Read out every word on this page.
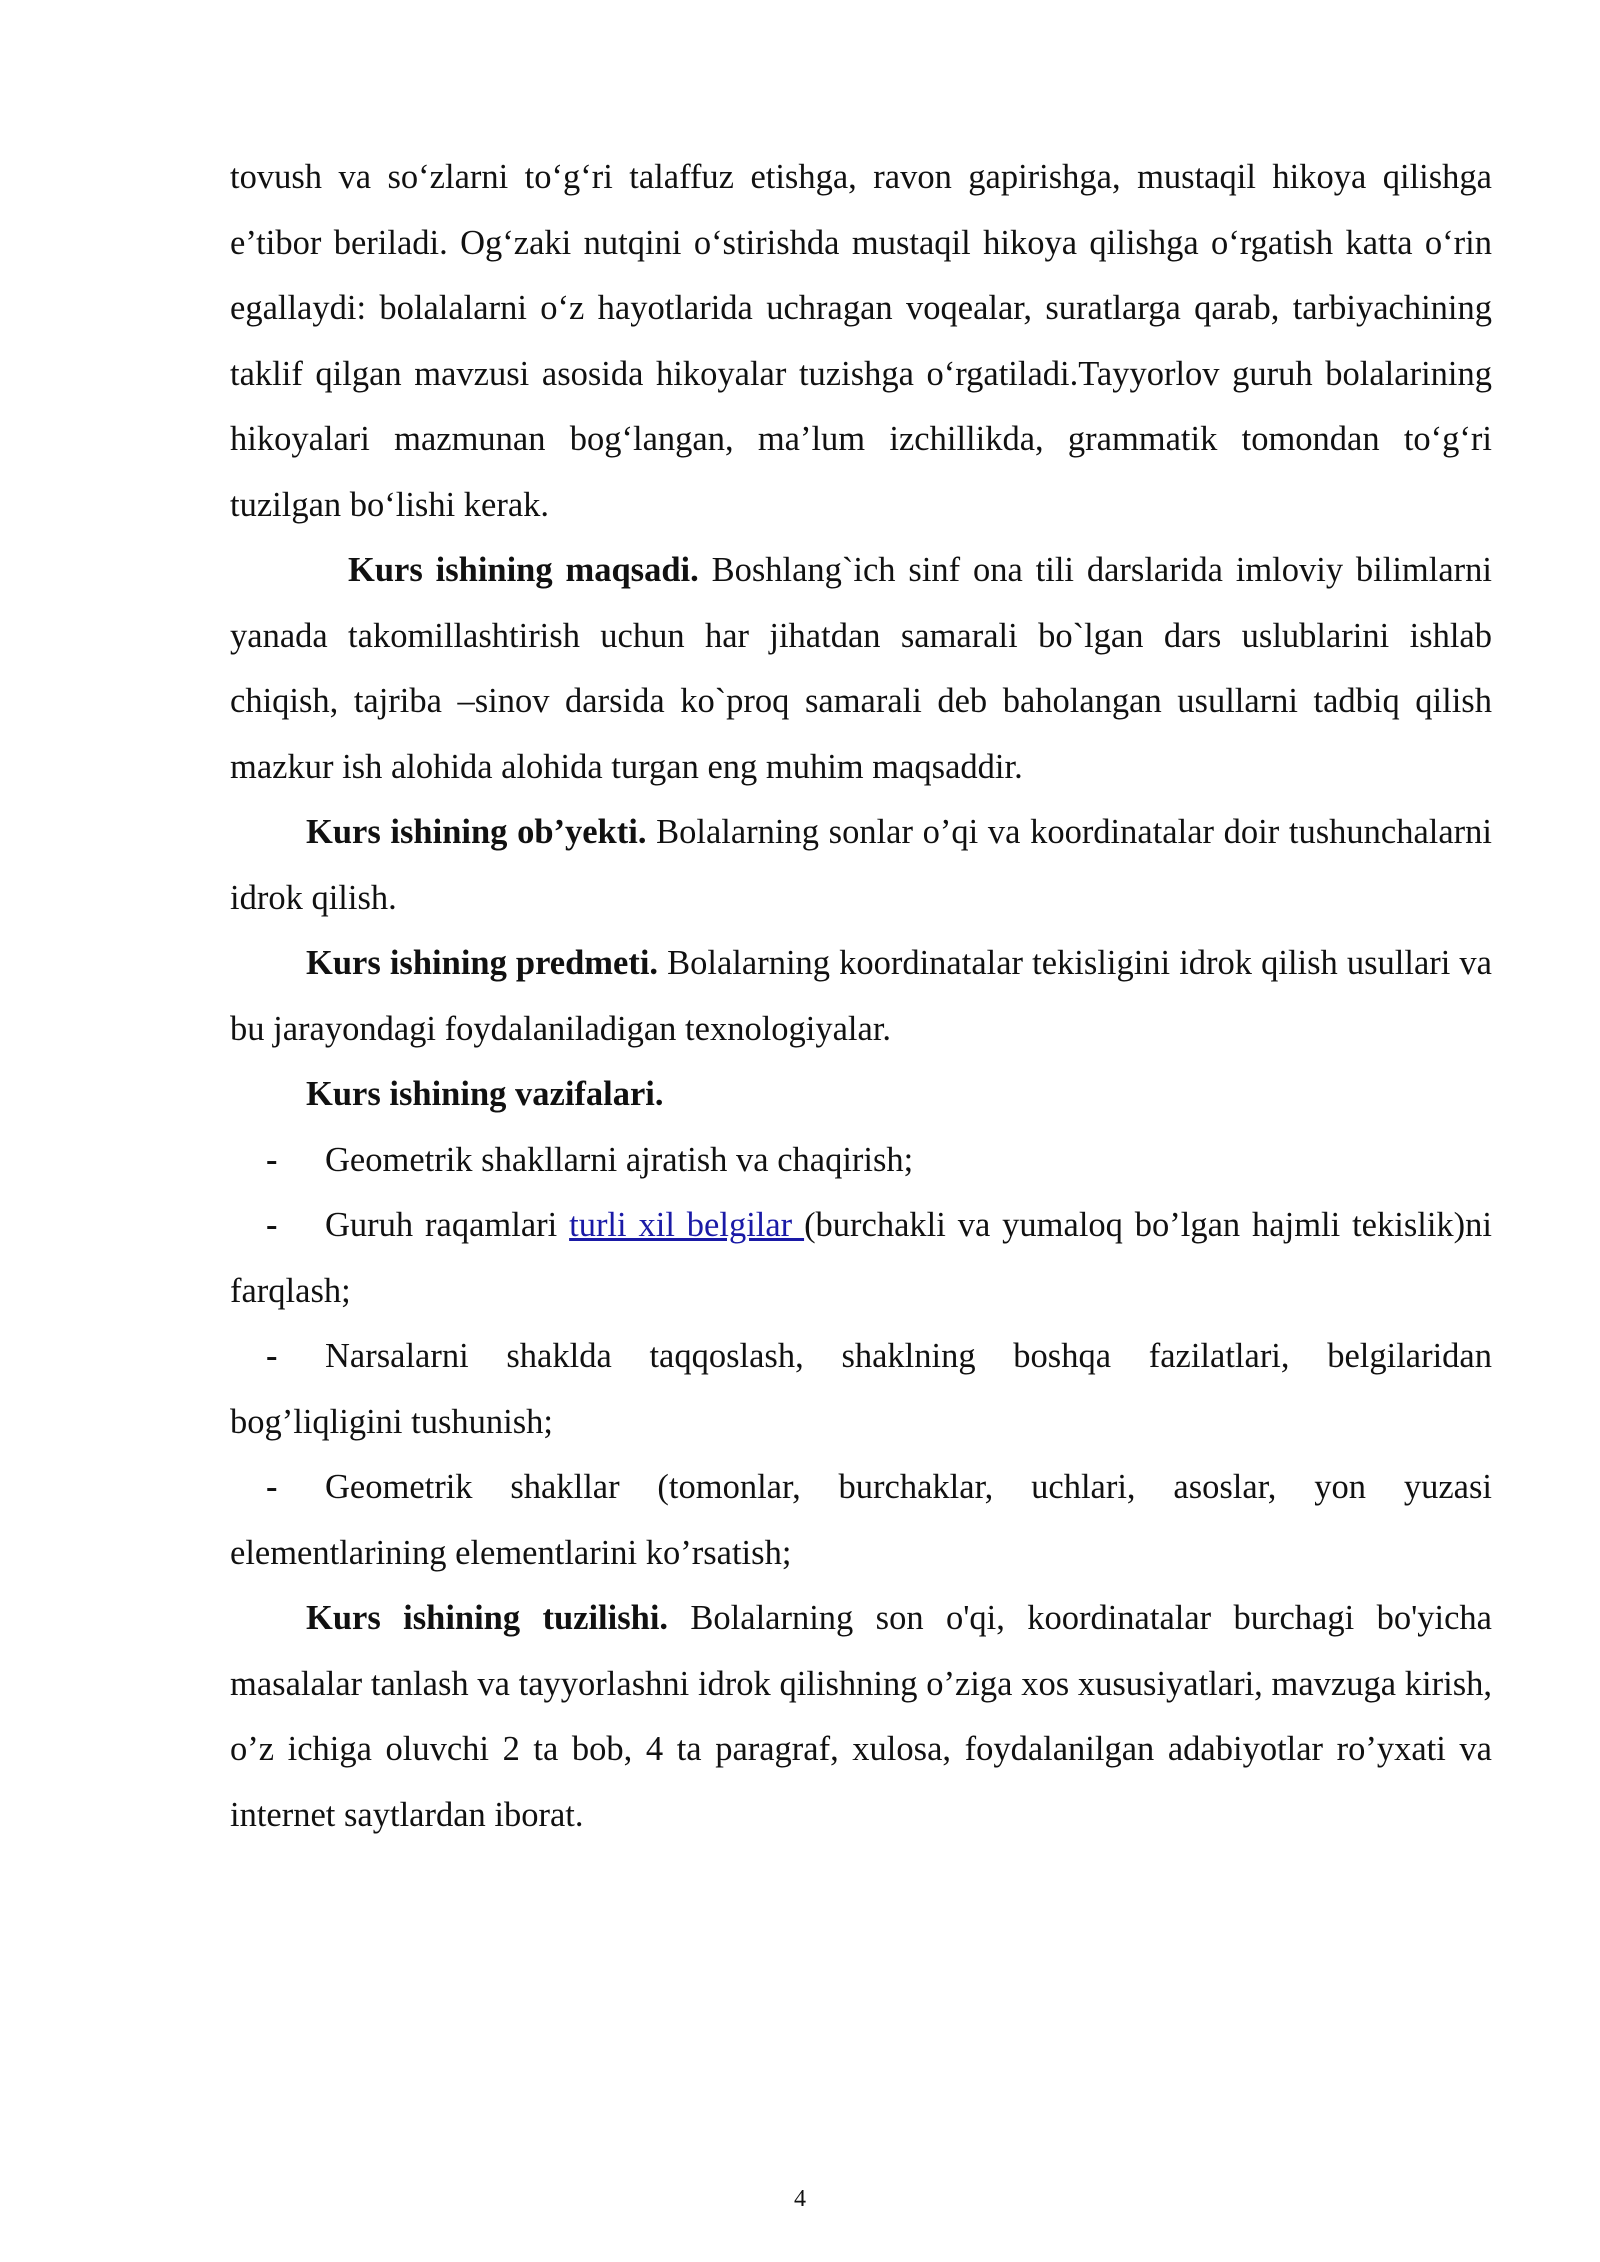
tovush va so‘zlarni to‘g‘ri talaffuz etishga, ravon gapirishga, mustaqil hikoya qilishga e’tibor beriladi. Og‘zaki nutqini o‘stirishda mustaqil hikoya qilishga o‘rgatish katta o‘rin egallaydi: bolalalarni o‘z hayotlarida uchragan voqealar, suratlarga qarab, tarbiyachining taklif qilgan mavzusi asosida hikoyalar tuzishga o‘rgatiladi.Tayyorlov guruh bolalarining hikoyalari mazmunan bog‘langan, ma’lum izchillikda, grammatik tomondan to‘g‘ri tuzilgan bo‘lishi kerak.

Kurs ishining maqsadi. Boshlang`ich sinf ona tili darslarida imloviy bilimlarni yanada takomillashtirish uchun har jihatdan samarali bo`lgan dars uslublarini ishlab chiqish, tajriba –sinov darsida ko`proq samarali deb baholangan usullarni tadbiq qilish mazkur ish alohida alohida turgan eng muhim maqsaddir.

Kurs ishining ob’yekti. Bolalarning sonlar o’qi va koordinatalar doir tushunchalarni idrok qilish.

Kurs ishining predmeti. Bolalarning koordinatalar tekisligini idrok qilish usullari va bu jarayondagi foydalaniladigan texnologiyalar.

Kurs ishining vazifalari.

- Geometrik shakllarni ajratish va chaqirish;

- Guruh raqamlari turli xil belgilar (burchakli va yumaloq bo’lgan hajmli tekislik)ni farqlash;

- Narsalarni shaklda taqqoslash, shaklning boshqa fazilatlari, belgilaridan bog’liqligini tushunish;

- Geometrik shakllar (tomonlar, burchaklar, uchlari, asoslar, yon yuzasi elementlarining elementlarini ko’rsatish;

Kurs ishining tuzilishi. Bolalarning son o'qi, koordinatalar burchagi bo'yicha masalalar tanlash va tayyorlashni idrok qilishning o’ziga xos xususiyatlari, mavzuga kirish, o’z ichiga oluvchi 2 ta bob, 4 ta paragraf, xulosa, foydalanilgan adabiyotlar ro’yxati va internet saytlardan iborat.

4
